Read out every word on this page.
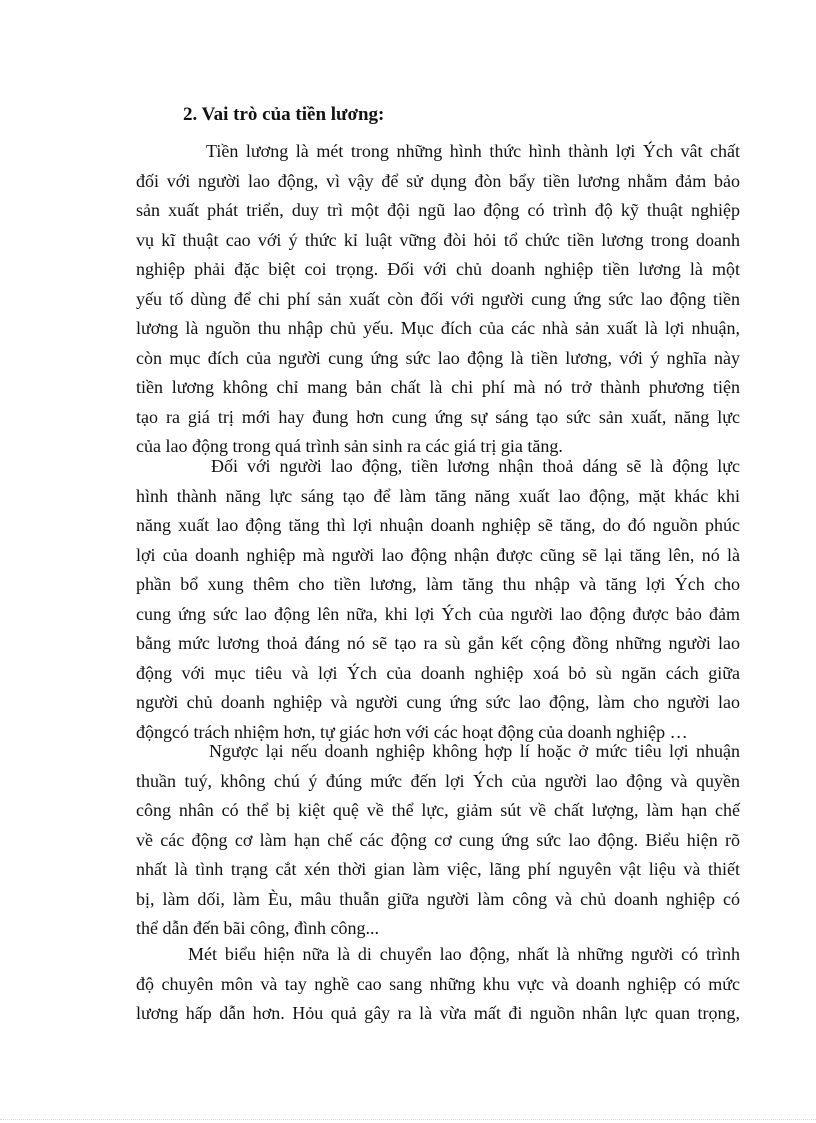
2. Vai trò của tiền lương:
Tiền lương là mét trong những hình thức hình thành lợi Ých vât chất
đối với người lao động, vì vậy để sử dụng đòn bẩy tiền lương nhằm đảm bảo
sản xuất phát triển, duy trì một đội ngũ lao động có trình độ kỹ thuật nghiệp
vụ kĩ thuật cao với ý thức kỉ luật vững đòi hỏi tổ chức tiền lương trong doanh
nghiệp phải đặc biệt coi trọng. Đối với chủ doanh nghiệp tiền lương là một
yếu tố dùng để chi phí sản xuất còn đối với người cung ứng sức lao động tiền
lương là nguồn thu nhập chủ yếu. Mục đích của các nhà sản xuất là lợi nhuận,
còn mục đích của người cung ứng sức lao động là tiền lương, với ý nghĩa này
tiền lương không chỉ mang bản chất là chi phí mà nó trở thành phương tiện
tạo ra giá trị mới hay đung hơn cung ứng sự sáng tạo sức sản xuất, năng lực
của lao động trong quá trình sản sinh ra các giá trị gia tăng.
Đối với người lao động, tiền lương nhận thoả dáng sẽ là động lực
hình thành năng lực sáng tạo để làm tăng năng xuất lao động, mặt khác khi
năng xuất lao động tăng thì lợi nhuận doanh nghiệp sẽ tăng, do đó nguồn phúc
lợi của doanh nghiệp mà người lao động nhận được cũng sẽ lại tăng lên, nó là
phần bổ xung thêm cho tiền lương, làm tăng thu nhập và tăng lợi Ých cho
cung ứng sức lao động lên nữa, khi lợi Ých của người lao động được bảo đảm
bằng mức lương thoả đáng nó sẽ tạo ra sù gắn kết cộng đồng những người lao
động với mục tiêu và lợi Ých của doanh nghiệp xoá bỏ sù ngăn cách giữa
người chủ doanh nghiệp và người cung ứng sức lao động, làm cho người lao
độngcó trách nhiệm hơn, tự giác hơn với các hoạt động của doanh nghiệp …
Ngược lại nếu doanh nghiệp không hợp lí hoặc ở mức tiêu lợi nhuận
thuần tuý, không chú ý đúng mức đến lợi Ých của người lao động và quyền
công nhân có thể bị kiệt quệ về thể lực, giảm sút về chất lượng, làm hạn chế
về các động cơ làm hạn chế các động cơ cung ứng sức lao động. Biểu hiện rõ
nhất là tình trạng cắt xén thời gian làm việc, lãng phí nguyên vật liệu và thiết
bị, làm dối, làm Èu, mâu thuẫn giữa người làm công và chủ doanh nghiệp có
thể dẫn đến bãi công, đình công...
Mét biểu hiện nữa là di chuyển lao động, nhất là những người có trình
độ chuyên môn và tay nghề cao sang những khu vực và doanh nghiệp có mức
lương hấp dẫn hơn. Hỏu quả gây ra là vừa mất đi nguồn nhân lực quan trọng,
